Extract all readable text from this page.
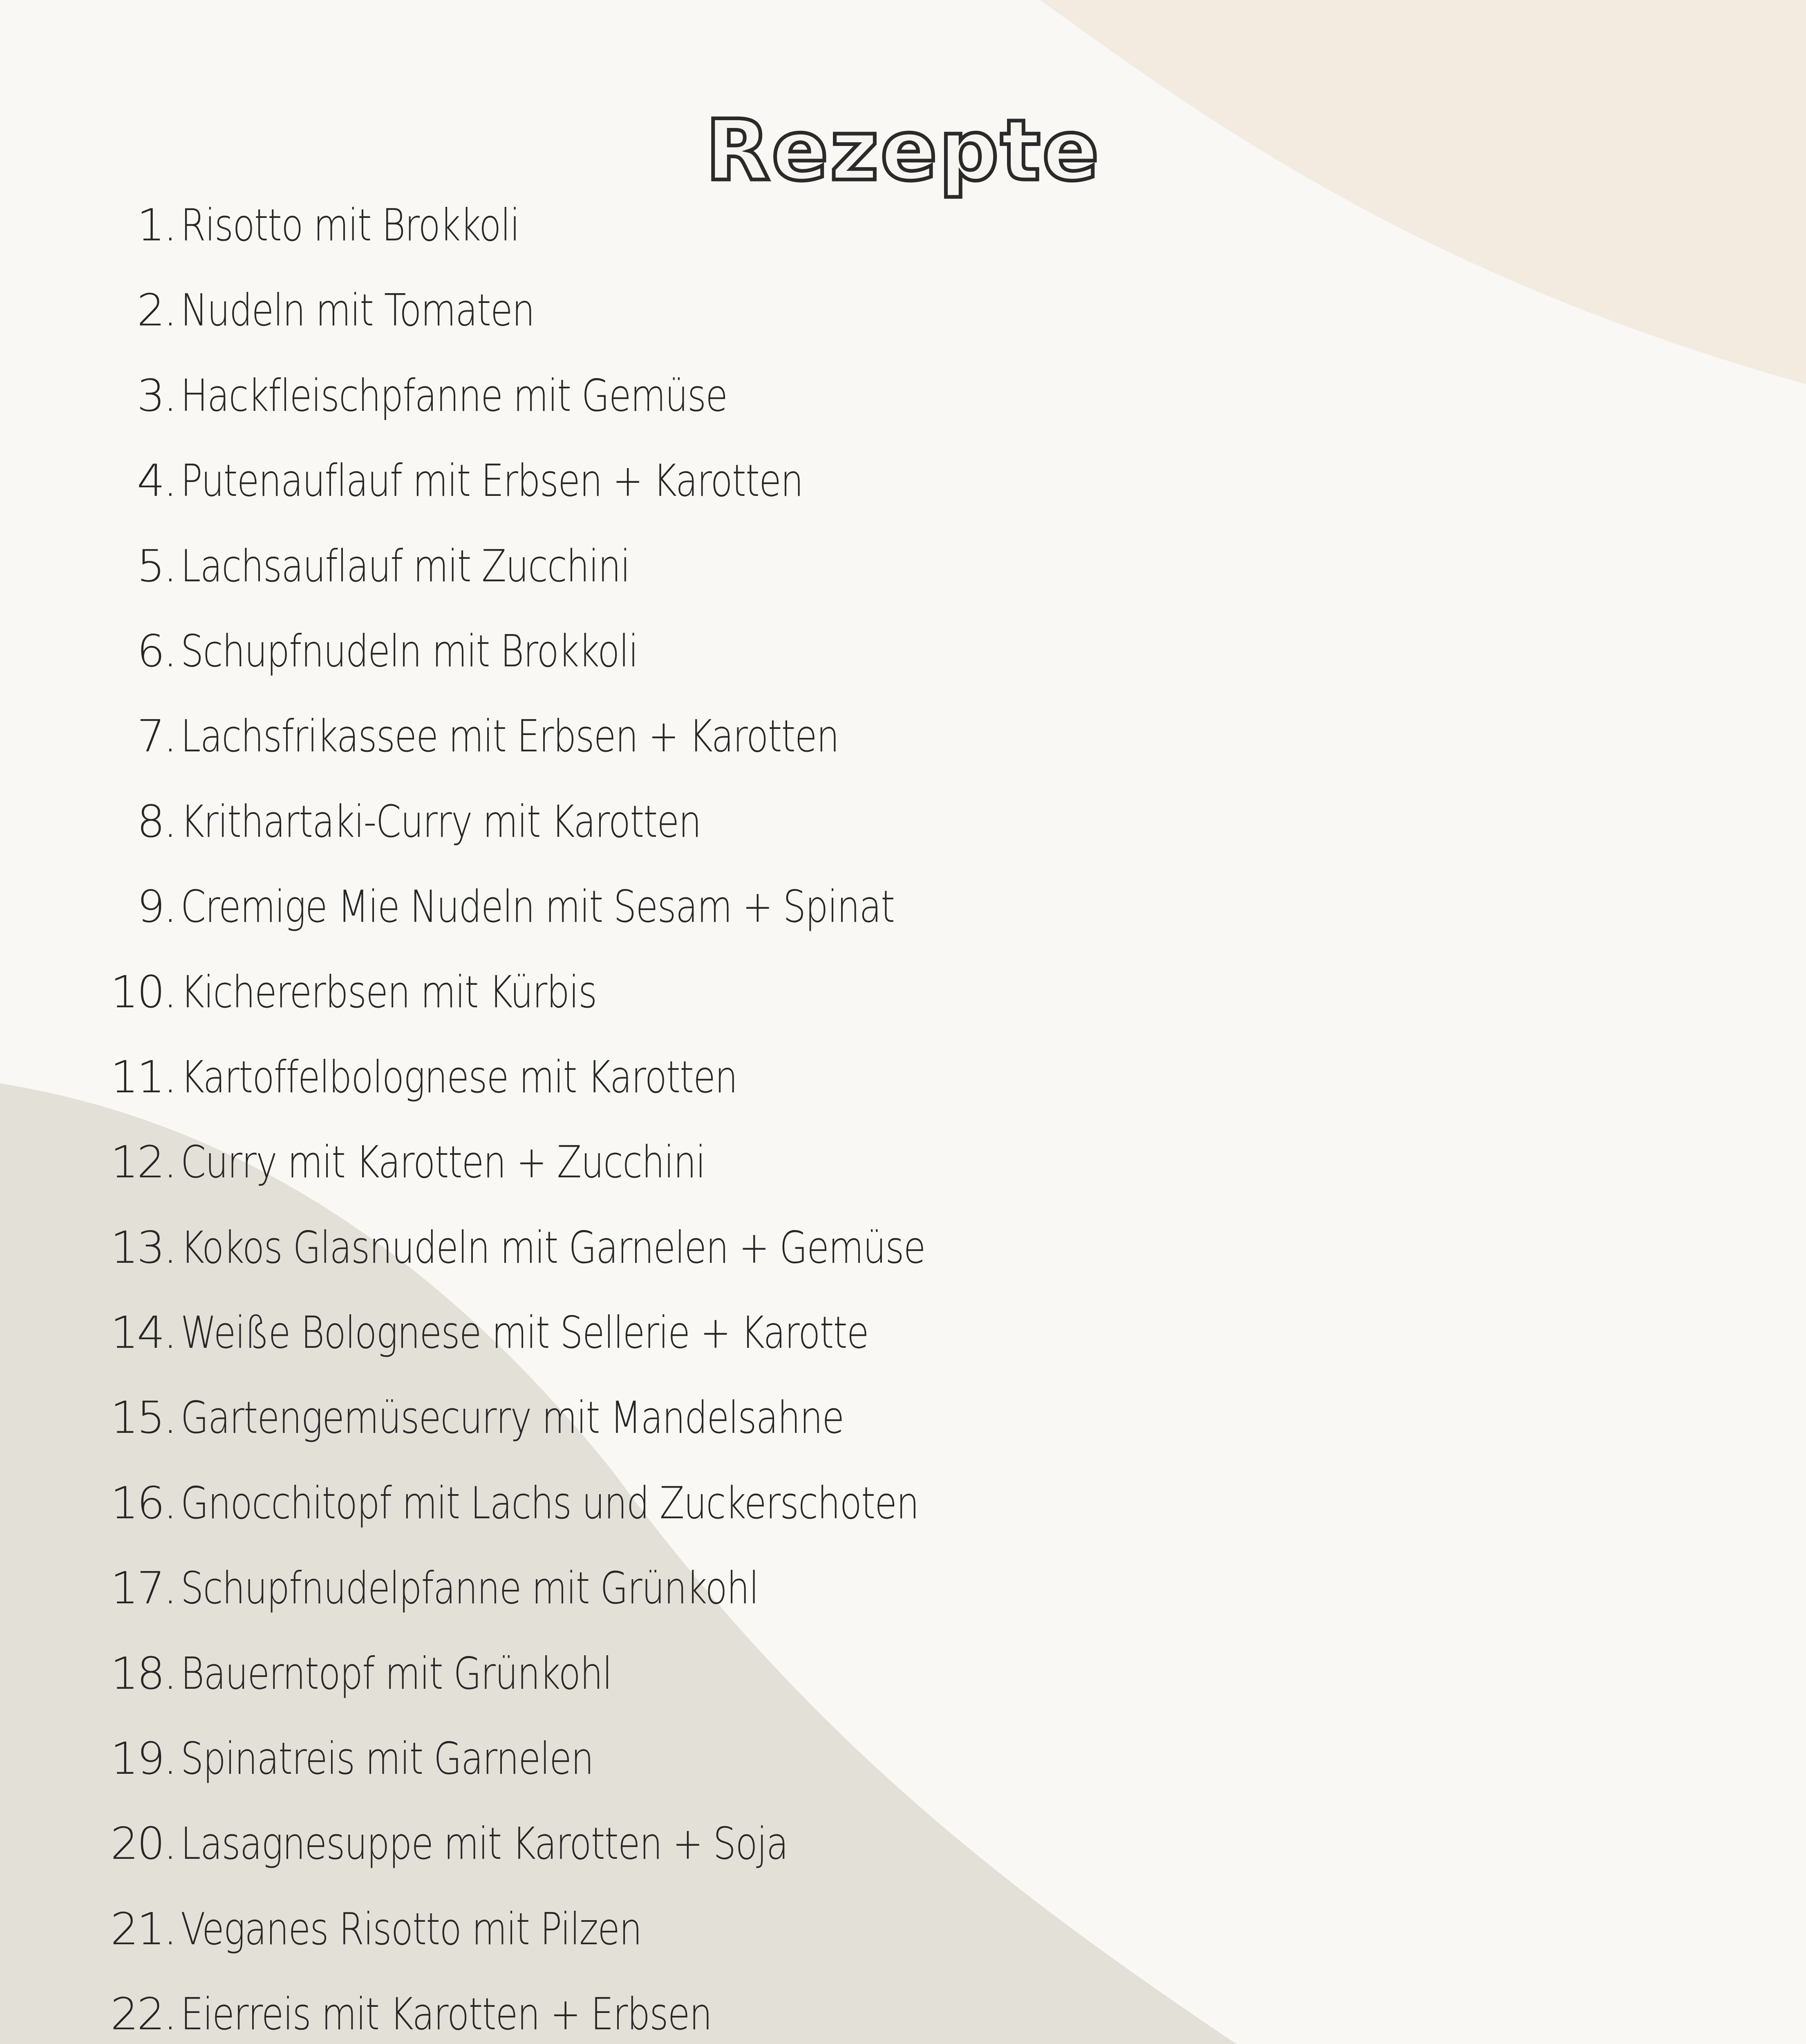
Rezepte
1. Risotto mit Brokkoli
2. Nudeln mit Tomaten
3. Hackfleischpfanne mit Gemüse
4. Putenauflauf mit Erbsen + Karotten
5. Lachsauflauf mit Zucchini
6. Schupfnudeln mit Brokkoli
7. Lachsfrikassee mit Erbsen + Karotten
8. Krithartaki-Curry mit Karotten
9. Cremige Mie Nudeln mit Sesam + Spinat
10. Kichererbsen mit Kürbis
11. Kartoffelbolognese mit Karotten
12. Curry mit Karotten + Zucchini
13. Kokos Glasnudeln mit Garnelen + Gemüse
14. Weiße Bolognese mit Sellerie + Karotte
15. Gartengemüsecurry mit Mandelsahne
16. Gnocchitopf mit Lachs und Zuckerschoten
17. Schupfnudelpfanne mit Grünkohl
18. Bauerntopf mit Grünkohl
19. Spinatreis mit Garnelen
20. Lasagnesuppe mit Karotten + Soja
21. Veganes Risotto mit Pilzen
22. Eierreis mit Karotten + Erbsen
